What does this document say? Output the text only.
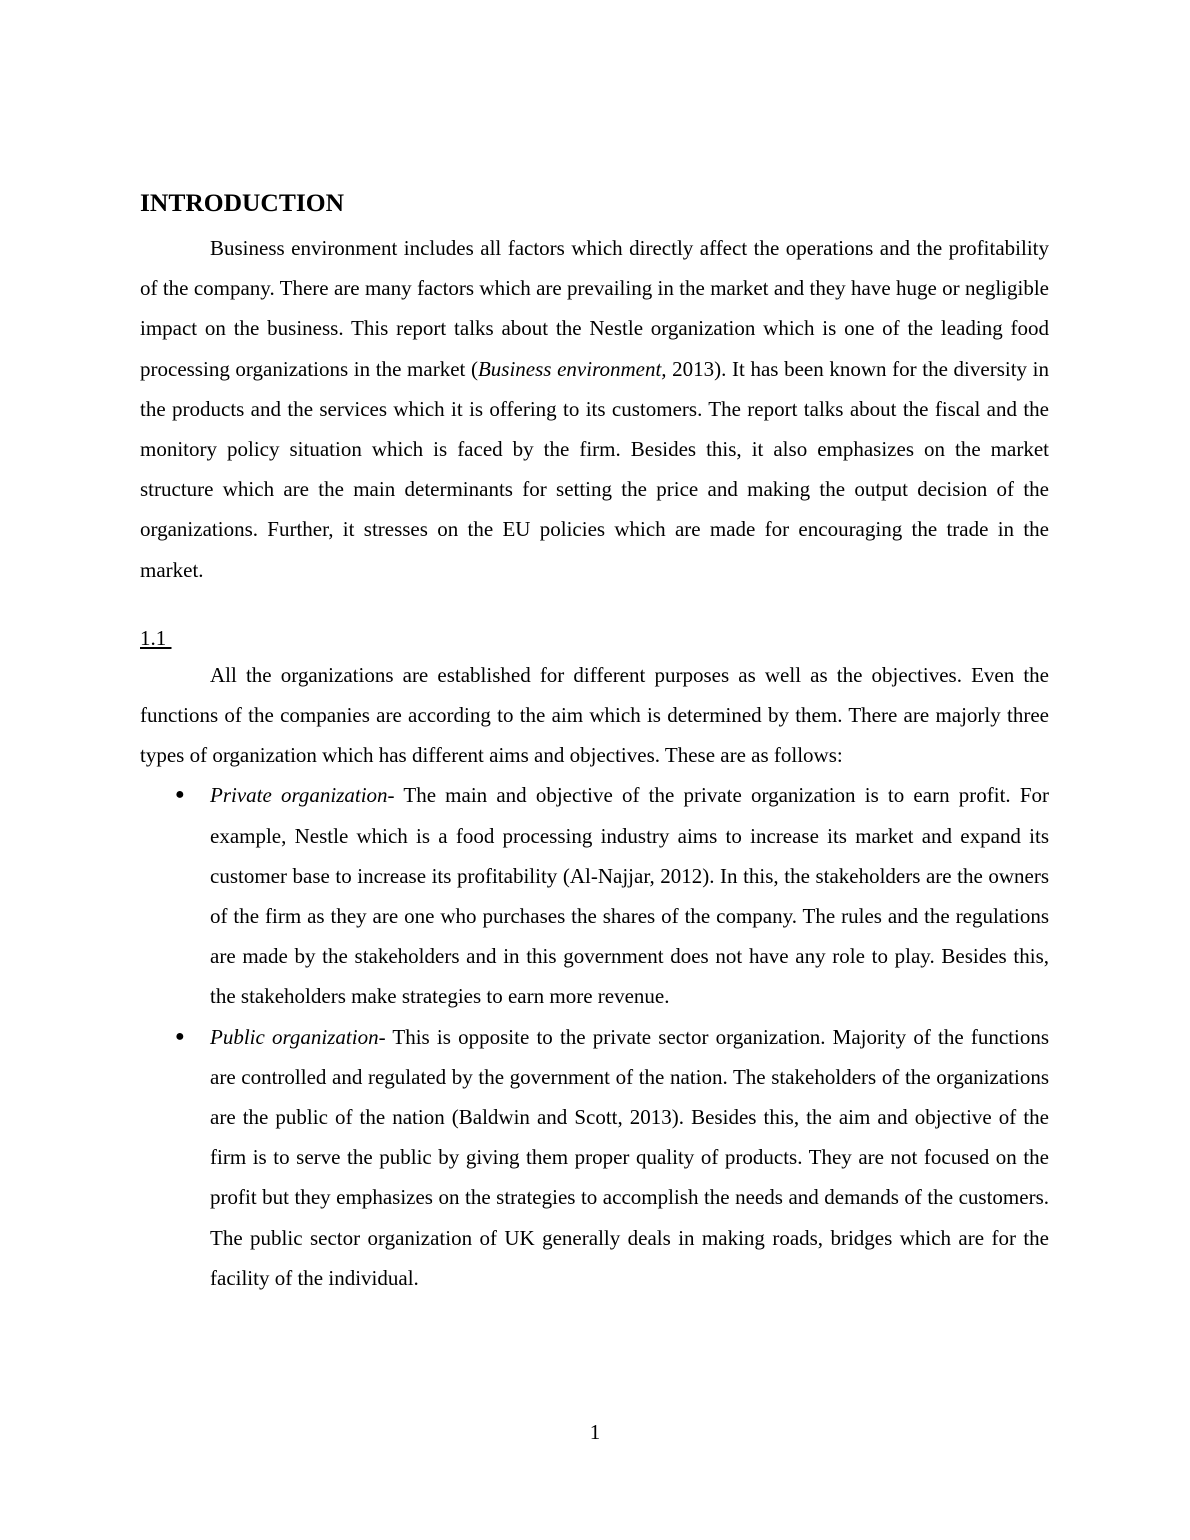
INTRODUCTION

Business environment includes all factors which directly affect the operations and the profitability of the company. There are many factors which are prevailing in the market and they have huge or negligible impact on the business. This report talks about the Nestle organization which is one of the leading food processing organizations in the market (Business environment, 2013). It has been known for the diversity in the products and the services which it is offering to its customers. The report talks about the fiscal and the monitory policy situation which is faced by the firm. Besides this, it also emphasizes on the market structure which are the main determinants for setting the price and making the output decision of the organizations. Further, it stresses on the EU policies which are made for encouraging the trade in the market.

1.1

All the organizations are established for different purposes as well as the objectives. Even the functions of the companies are according to the aim which is determined by them. There are majorly three types of organization which has different aims and objectives. These are as follows:

● Private organization- The main and objective of the private organization is to earn profit. For example, Nestle which is a food processing industry aims to increase its market and expand its customer base to increase its profitability (Al-Najjar, 2012). In this, the stakeholders are the owners of the firm as they are one who purchases the shares of the company. The rules and the regulations are made by the stakeholders and in this government does not have any role to play. Besides this, the stakeholders make strategies to earn more revenue.

● Public organization- This is opposite to the private sector organization. Majority of the functions are controlled and regulated by the government of the nation. The stakeholders of the organizations are the public of the nation (Baldwin and Scott, 2013). Besides this, the aim and objective of the firm is to serve the public by giving them proper quality of products. They are not focused on the profit but they emphasizes on the strategies to accomplish the needs and demands of the customers. The public sector organization of UK generally deals in making roads, bridges which are for the facility of the individual.

1
